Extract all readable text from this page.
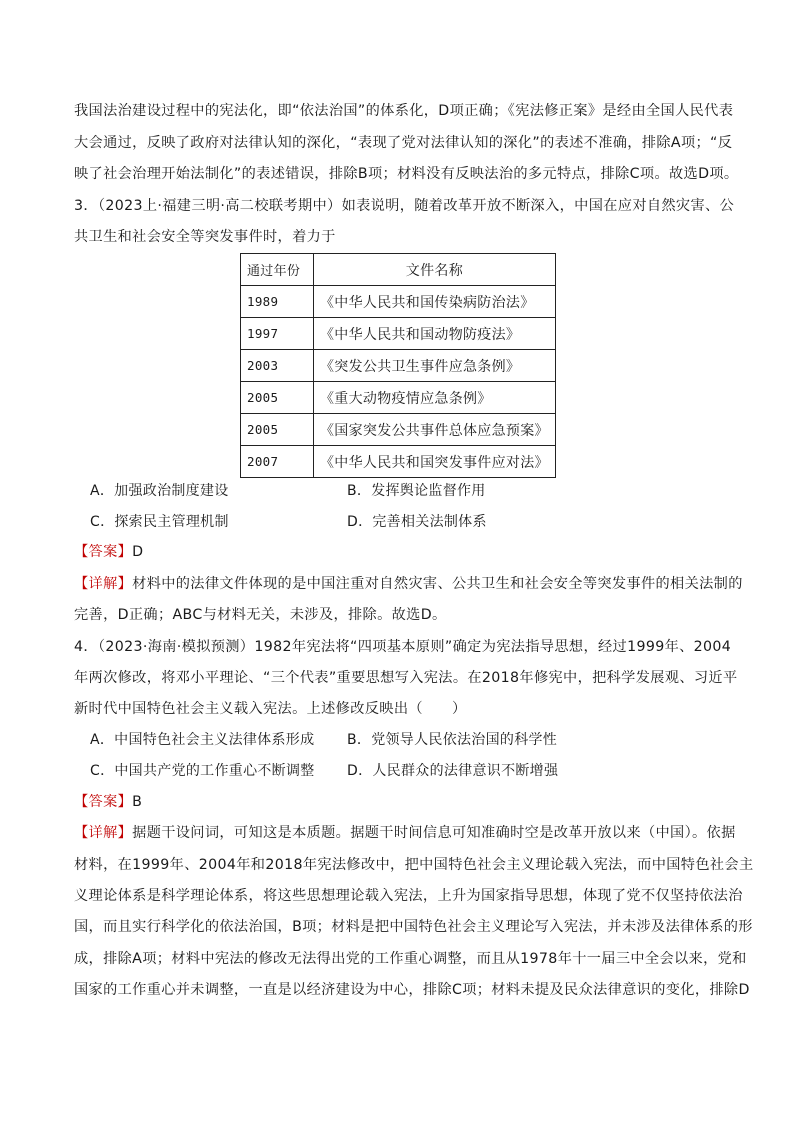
我国法治建设过程中的宪法化，即“依法治国”的体系化，D项正确；《宪法修正案》是经由全国人民代表
大会通过，反映了政府对法律认知的深化，“表现了党对法律认知的深化”的表述不准确，排除A项；“反
映了社会治理开始法制化”的表述错误，排除B项；材料没有反映法治的多元特点，排除C项。故选D项。
3．（2023上·福建三明·高二校联考期中）如表说明，随着改革开放不断深入，中国在应对自然灾害、公
共卫生和社会安全等突发事件时，着力于
通过年份	文件名称
1989	《中华人民共和国传染病防治法》
1997	《中华人民共和国动物防疫法》
2003	《突发公共卫生事件应急条例》
2005	《重大动物疫情应急条例》
2005	《国家突发公共事件总体应急预案》
2007	《中华人民共和国突发事件应对法》
A．加强政治制度建设	B．发挥舆论监督作用
C．探索民主管理机制	D．完善相关法制体系
【答案】D
【详解】材料中的法律文件体现的是中国注重对自然灾害、公共卫生和社会安全等突发事件的相关法制的
完善，D正确；ABC与材料无关，未涉及，排除。故选D。
4．（2023·海南·模拟预测）1982年宪法将“四项基本原则”确定为宪法指导思想，经过1999年、2004
年两次修改，将邓小平理论、“三个代表”重要思想写入宪法。在2018年修宪中，把科学发展观、习近平
新时代中国特色社会主义载入宪法。上述修改反映出（　　）
A．中国特色社会主义法律体系形成 B．党领导人民依法治国的科学性
C．中国共产党的工作重心不断调整 D．人民群众的法律意识不断增强
【答案】B
【详解】据题干设问词，可知这是本质题。据题干时间信息可知准确时空是改革开放以来（中国）。依据
材料，在1999年、2004年和2018年宪法修改中，把中国特色社会主义理论载入宪法，而中国特色社会主
义理论体系是科学理论体系，将这些思想理论载入宪法，上升为国家指导思想，体现了党不仅坚持依法治
国，而且实行科学化的依法治国，B项；材料是把中国特色社会主义理论写入宪法，并未涉及法律体系的形
成，排除A项；材料中宪法的修改无法得出党的工作重心调整，而且从1978年十一届三中全会以来，党和
国家的工作重心并未调整，一直是以经济建设为中心，排除C项；材料未提及民众法律意识的变化，排除D
